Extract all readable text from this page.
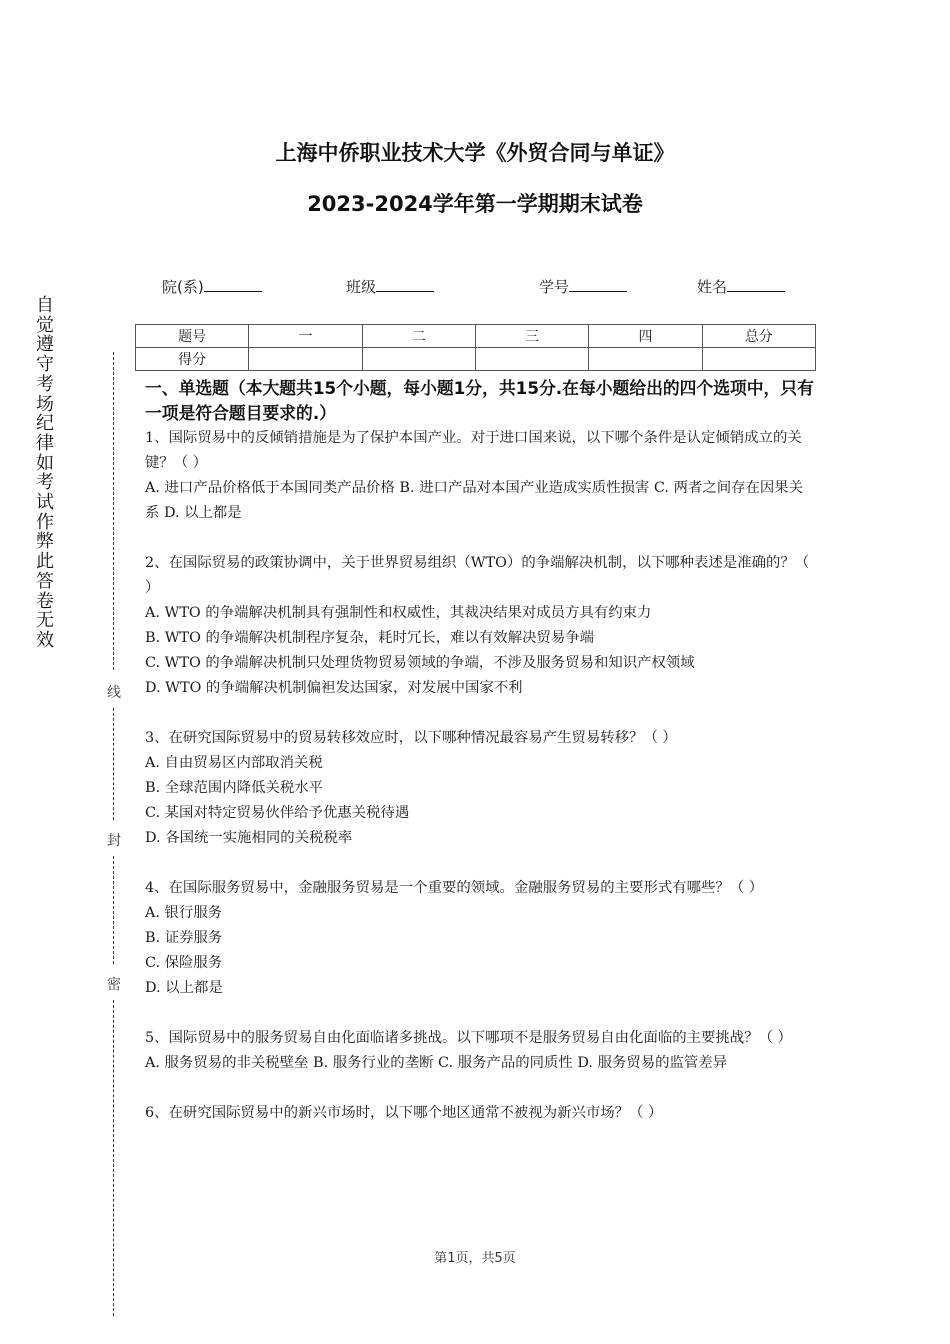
上海中侨职业技术大学《外贸合同与单证》
2023-2024学年第一学期期末试卷
自觉遵守考场纪律如考试作弊此答卷无效
线
封
密
院(系)	班级	学号	姓名
题号	一	二	三	四	总分
得分					
一、单选题（本大题共15个小题，每小题1分，共15分.在每小题给出的四个选项中，只有一项是符合题目要求的.）
1、国际贸易中的反倾销措施是为了保护本国产业。对于进口国来说，以下哪个条件是认定倾销成立的关键？（ ）
A. 进口产品价格低于本国同类产品价格 B. 进口产品对本国产业造成实质性损害 C. 两者之间存在因果关系 D. 以上都是
2、在国际贸易的政策协调中，关于世界贸易组织（WTO）的争端解决机制，以下哪种表述是准确的？（ ）
A. WTO 的争端解决机制具有强制性和权威性，其裁决结果对成员方具有约束力
B. WTO 的争端解决机制程序复杂，耗时冗长，难以有效解决贸易争端
C. WTO 的争端解决机制只处理货物贸易领域的争端，不涉及服务贸易和知识产权领域
D. WTO 的争端解决机制偏袒发达国家，对发展中国家不利
3、在研究国际贸易中的贸易转移效应时，以下哪种情况最容易产生贸易转移？（ ）
A. 自由贸易区内部取消关税
B. 全球范围内降低关税水平
C. 某国对特定贸易伙伴给予优惠关税待遇
D. 各国统一实施相同的关税税率
4、在国际服务贸易中，金融服务贸易是一个重要的领域。金融服务贸易的主要形式有哪些？（ ）
A. 银行服务
B. 证券服务
C. 保险服务
D. 以上都是
5、国际贸易中的服务贸易自由化面临诸多挑战。以下哪项不是服务贸易自由化面临的主要挑战？（ ）
A. 服务贸易的非关税壁垒 B. 服务行业的垄断 C. 服务产品的同质性 D. 服务贸易的监管差异
6、在研究国际贸易中的新兴市场时，以下哪个地区通常不被视为新兴市场？（ ）
第1页，共5页
